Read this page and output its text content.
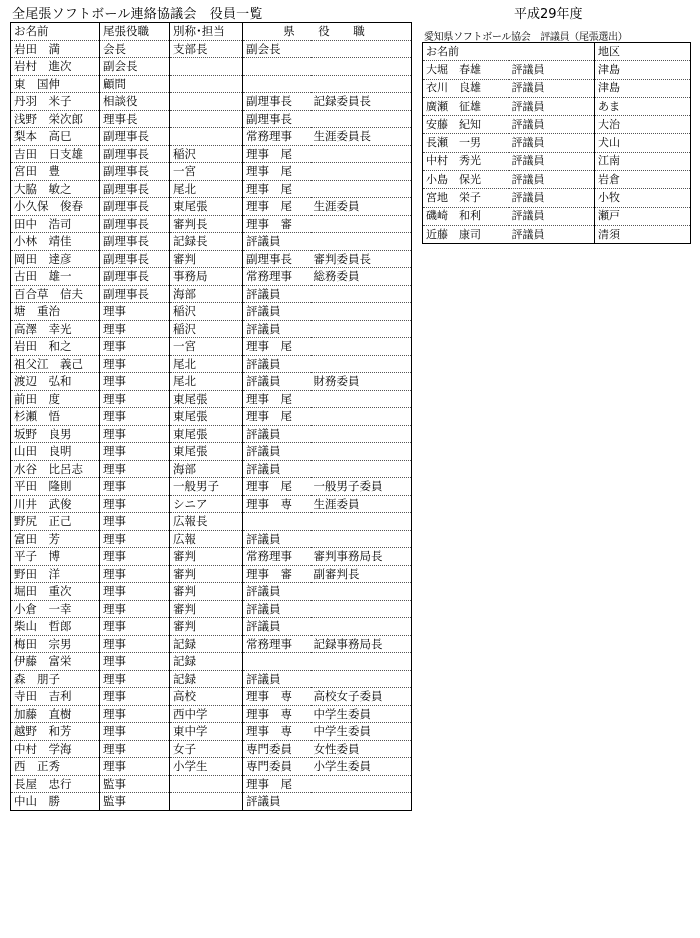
全尾張ソフトボール連絡協議会　役員一覧	平成29年度
愛知県ソフトボール協会　評議員（尾張選出）
お名前	尾張役職	別称･担当	県　役　職	
岩田　満	会長	支部長	副会長	
岩村　進次	副会長			
東　国伸	顧問			
丹羽　米子	相談役		副理事長	記録委員長
浅野　栄次郎	理事長		副理事長	
梨本　高巳	副理事長		常務理事	生涯委員長
吉田　日支雄	副理事長	稲沢	理事　尾	
宮田　豊	副理事長	一宮	理事　尾	
大脇　敏之	副理事長	尾北	理事　尾	
小久保　俊春	副理事長	東尾張	理事　尾	生涯委員
田中　浩司	副理事長	審判長	理事　審	
小林　靖佳	副理事長	記録長	評議員	
岡田　達彦	副理事長	審判	副理事長	審判委員長
古田　雄一	副理事長	事務局	常務理事	総務委員
百合草　信夫	副理事長	海部	評議員	
塘　重治	理事	稲沢	評議員	
高澤　幸光	理事	稲沢	評議員	
岩田　和之	理事	一宮	理事　尾	
祖父江　義己	理事	尾北	評議員	
渡辺　弘和	理事	尾北	評議員	財務委員
前田　度	理事	東尾張	理事　尾	
杉瀬　悟	理事	東尾張	理事　尾	
坂野　良男	理事	東尾張	評議員	
山田　良明	理事	東尾張	評議員	
水谷　比呂志	理事	海部	評議員	
平田　隆則	理事	一般男子	理事　尾	一般男子委員
川井　武俊	理事	シニア	理事　専	生涯委員
野尻　正己	理事	広報長		
富田　芳	理事	広報	評議員	
平子　博	理事	審判	常務理事	審判事務局長
野田　洋	理事	審判	理事　審	副審判長
堀田　重次	理事	審判	評議員	
小倉　一幸	理事	審判	評議員	
柴山　哲郎	理事	審判	評議員	
梅田　宗男	理事	記録	常務理事	記録事務局長
伊藤　富栄	理事	記録		
森　朋子	理事	記録	評議員	
寺田　吉利	理事	高校	理事　専	高校女子委員
加藤　直樹	理事	西中学	理事　専	中学生委員
越野　和芳	理事	東中学	理事　専	中学生委員
中村　学海	理事	女子	専門委員	女性委員
西　正秀	理事	小学生	専門委員	小学生委員
長屋　忠行	監事		理事　尾	
中山　勝	監事		評議員	
お名前		地区
大堀　春雄	評議員	津島
衣川　良雄	評議員	津島
廣瀬　征雄	評議員	あま
安藤　紀知	評議員	大治
長瀬　一男	評議員	犬山
中村　秀光	評議員	江南
小島　保光	評議員	岩倉
宮地　栄子	評議員	小牧
磯崎　和利	評議員	瀬戸
近藤　康司	評議員	清須
